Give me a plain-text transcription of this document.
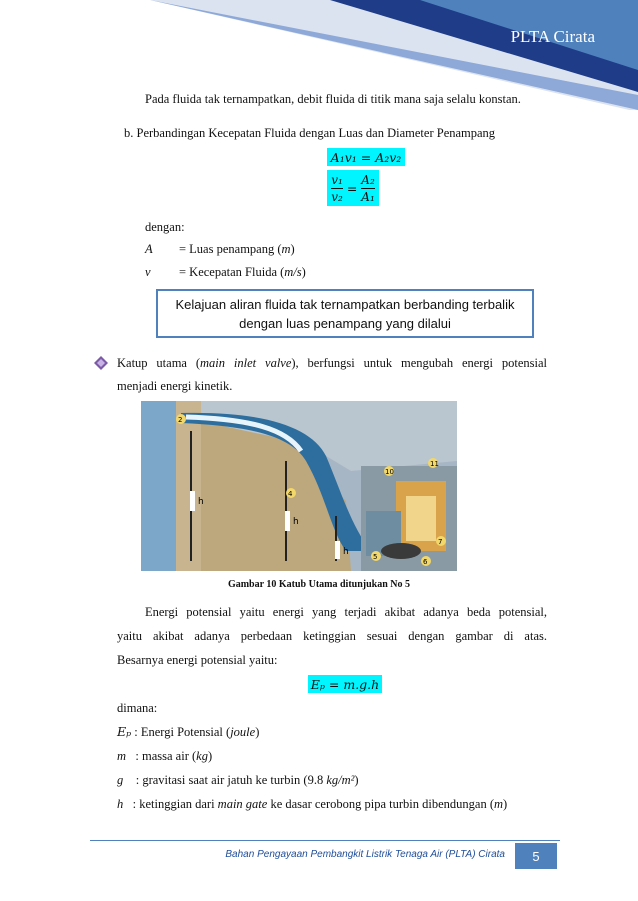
PLTA Cirata
Pada fluida tak ternampatkan, debit fluida di titik mana saja selalu konstan.
b. Perbandingan Kecepatan Fluida dengan Luas dan Diameter Penampang
A₁v₁ = A₂v₂
$\frac{\text{v₁}}{\text{v₂}} = \frac{\text{A₂}}{\text{A₁}}$
dengan:
A = Luas penampang (m)
v = Kecepatan Fluida (m/s)
Kelajuan aliran fluida tak ternampatkan berbanding terbalik
dengan luas penampang yang dilalui
Katup utama (main inlet valve), berfungsi untuk mengubah energi potensial
menjadi energi kinetik.
2
4
5
6
7
10
11
h
h
h
Gambar 10 Katub Utama ditunjukan No 5
Energi potensial yaitu energi yang terjadi akibat adanya beda potensial,
yaitu akibat adanya perbedaan ketinggian sesuai dengan gambar di atas.
Besarnya energi potensial yaitu:
Eₚ = m.g.h
dimana:
Eₚ : Energi Potensial (joule)
m   : massa air (kg)
g    : gravitasi saat air jatuh ke turbin (9.8 kg/m²)
h   : ketinggian dari main gate ke dasar cerobong pipa turbin dibendungan (m)
Bahan Pengayaan Pembangkit Listrik Tenaga Air (PLTA) Cirata	5
